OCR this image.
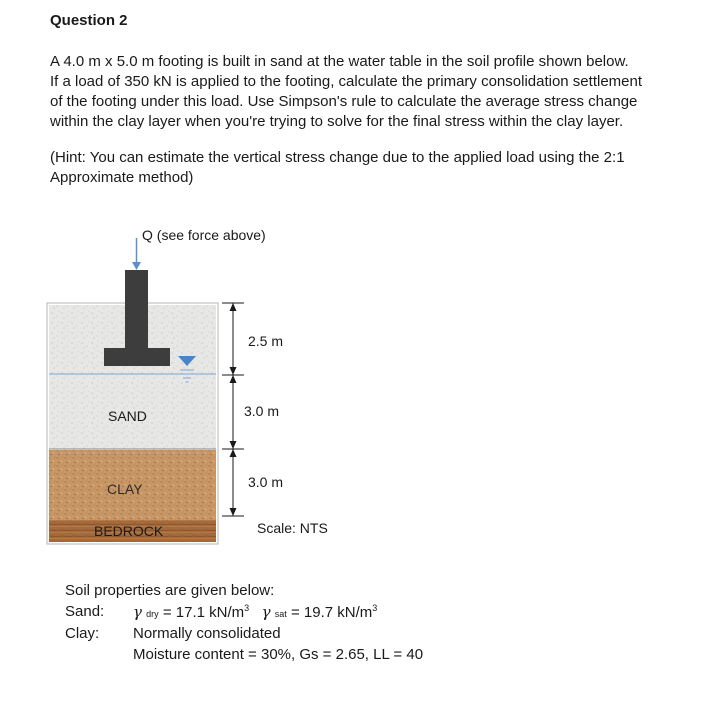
Question 2
A 4.0 m x 5.0 m footing is built in sand at the water table in the soil profile shown below.
If a load of 350 kN is applied to the footing, calculate the primary consolidation settlement
of the footing under this load. Use Simpson's rule to calculate the average stress change
within the clay layer when you're trying to solve for the final stress within the clay layer.
(Hint: You can estimate the vertical stress change due to the applied load using the 2:1
Approximate method)
Q (see force above)
SAND
CLAY
BEDROCK
2.5 m
3.0 m
3.0 m
Scale: NTS
Soil properties are given below:
Sand: γ dry = 17.1 $kN/m^3$ γ sat = 19.7 $kN/m^3$
Clay: Normally consolidated
Moisture content = 30%, Gs = 2.65, LL = 40
